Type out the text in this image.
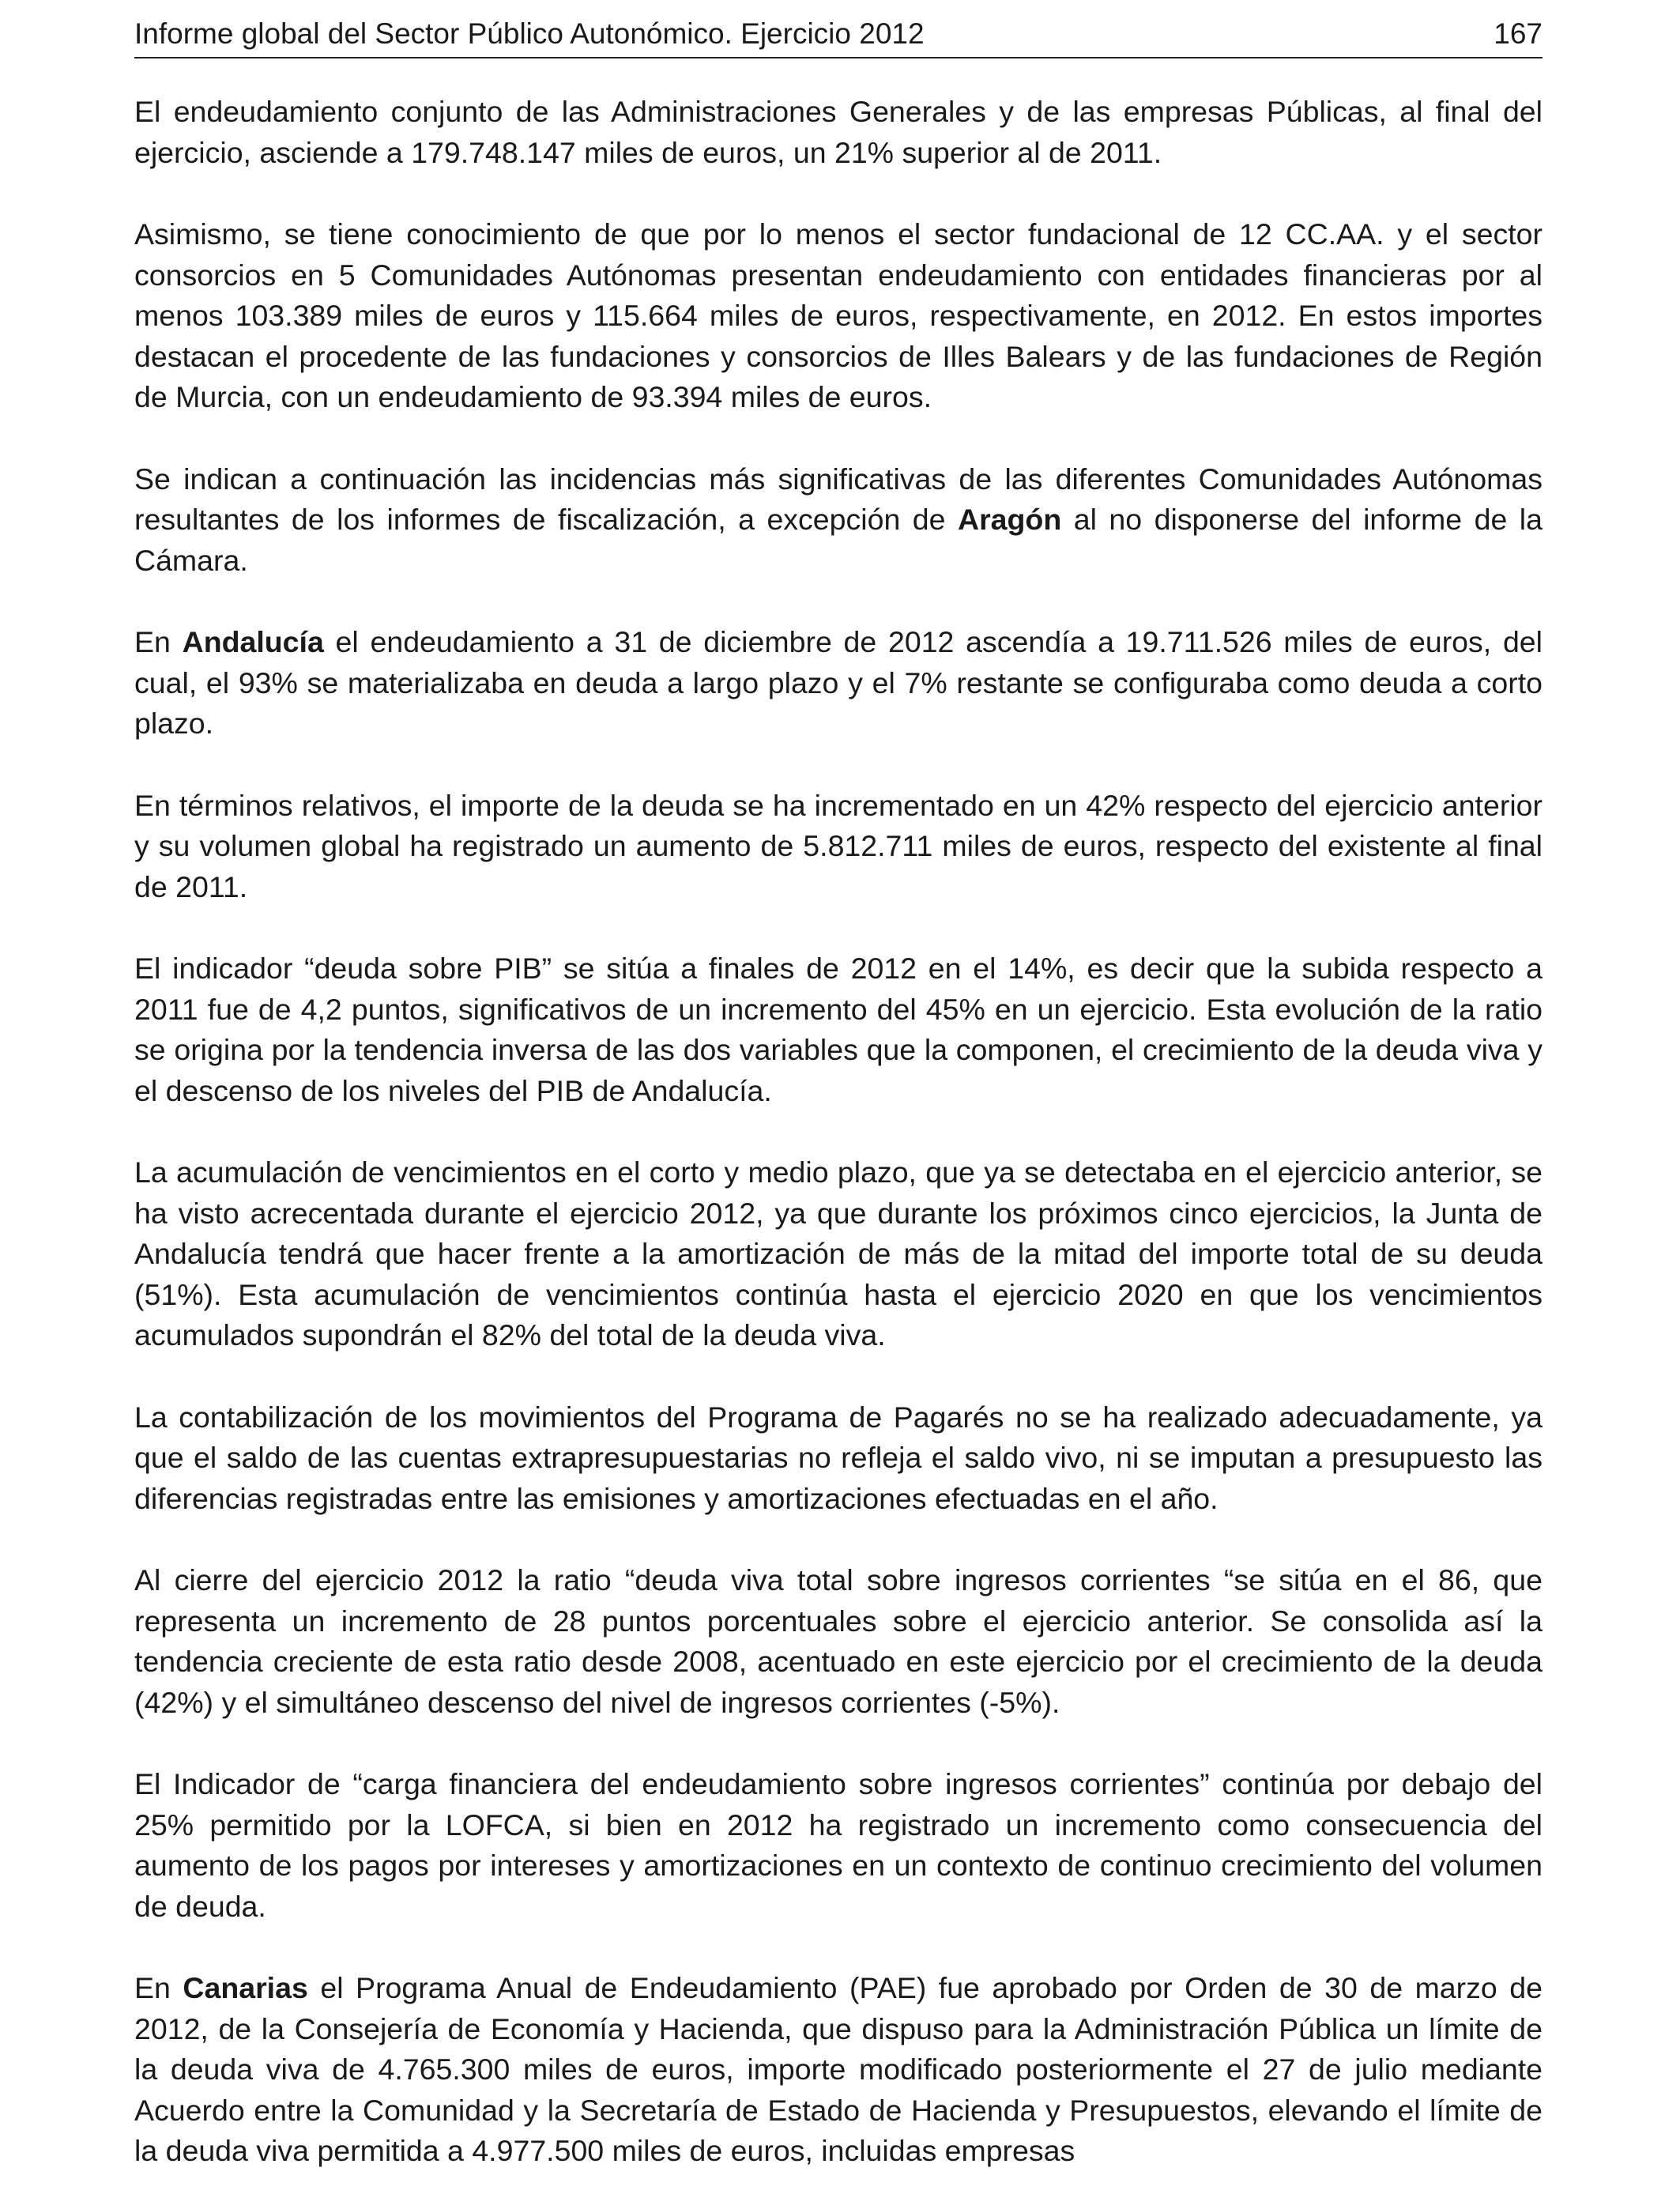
Informe global del Sector Público Autonómico. Ejercicio 2012	167

El endeudamiento conjunto de las Administraciones Generales y de las empresas Públicas, al final del ejercicio, asciende a 179.748.147 miles de euros, un 21% superior al de 2011.

Asimismo, se tiene conocimiento de que por lo menos el sector fundacional de 12 CC.AA. y el sector consorcios en 5 Comunidades Autónomas presentan endeudamiento con entidades financieras por al menos 103.389 miles de euros y 115.664 miles de euros, respectivamente, en 2012. En estos importes destacan el procedente de las fundaciones y consorcios de Illes Balears y de las fundaciones de Región de Murcia, con un endeudamiento de 93.394 miles de euros.

Se indican a continuación las incidencias más significativas de las diferentes Comunidades Autónomas resultantes de los informes de fiscalización, a excepción de Aragón al no disponerse del informe de la Cámara.

En Andalucía el endeudamiento a 31 de diciembre de 2012 ascendía a 19.711.526 miles de euros, del cual, el 93% se materializaba en deuda a largo plazo y el 7% restante se configuraba como deuda a corto plazo.

En términos relativos, el importe de la deuda se ha incrementado en un 42% respecto del ejercicio anterior y su volumen global ha registrado un aumento de 5.812.711 miles de euros, respecto del existente al final de 2011.

El indicador “deuda sobre PIB” se sitúa a finales de 2012 en el 14%, es decir que la subida respecto a 2011 fue de 4,2 puntos, significativos de un incremento del 45% en un ejercicio. Esta evolución de la ratio se origina por la tendencia inversa de las dos variables que la componen, el crecimiento de la deuda viva y el descenso de los niveles del PIB de Andalucía.

La acumulación de vencimientos en el corto y medio plazo, que ya se detectaba en el ejercicio anterior, se ha visto acrecentada durante el ejercicio 2012, ya que durante los próximos cinco ejercicios, la Junta de Andalucía tendrá que hacer frente a la amortización de más de la mitad del importe total de su deuda (51%). Esta acumulación de vencimientos continúa hasta el ejercicio 2020 en que los vencimientos acumulados supondrán el 82% del total de la deuda viva.

La contabilización de los movimientos del Programa de Pagarés no se ha realizado adecuadamente, ya que el saldo de las cuentas extrapresupuestarias no refleja el saldo vivo, ni se imputan a presupuesto las diferencias registradas entre las emisiones y amortizaciones efectuadas en el año.

Al cierre del ejercicio 2012 la ratio “deuda viva total sobre ingresos corrientes “se sitúa en el 86, que representa un incremento de 28 puntos porcentuales sobre el ejercicio anterior. Se consolida así la tendencia creciente de esta ratio desde 2008, acentuado en este ejercicio por el crecimiento de la deuda (42%) y el simultáneo descenso del nivel de ingresos corrientes (-5%).

El Indicador de “carga financiera del endeudamiento sobre ingresos corrientes” continúa por debajo del 25% permitido por la LOFCA, si bien en 2012 ha registrado un incremento como consecuencia del aumento de los pagos por intereses y amortizaciones en un contexto de continuo crecimiento del volumen de deuda.

En Canarias el Programa Anual de Endeudamiento (PAE) fue aprobado por Orden de 30 de marzo de 2012, de la Consejería de Economía y Hacienda, que dispuso para la Administración Pública un límite de la deuda viva de 4.765.300 miles de euros, importe modificado posteriormente el 27 de julio mediante Acuerdo entre la Comunidad y la Secretaría de Estado de Hacienda y Presupuestos, elevando el límite de la deuda viva permitida a 4.977.500 miles de euros, incluidas empresas
